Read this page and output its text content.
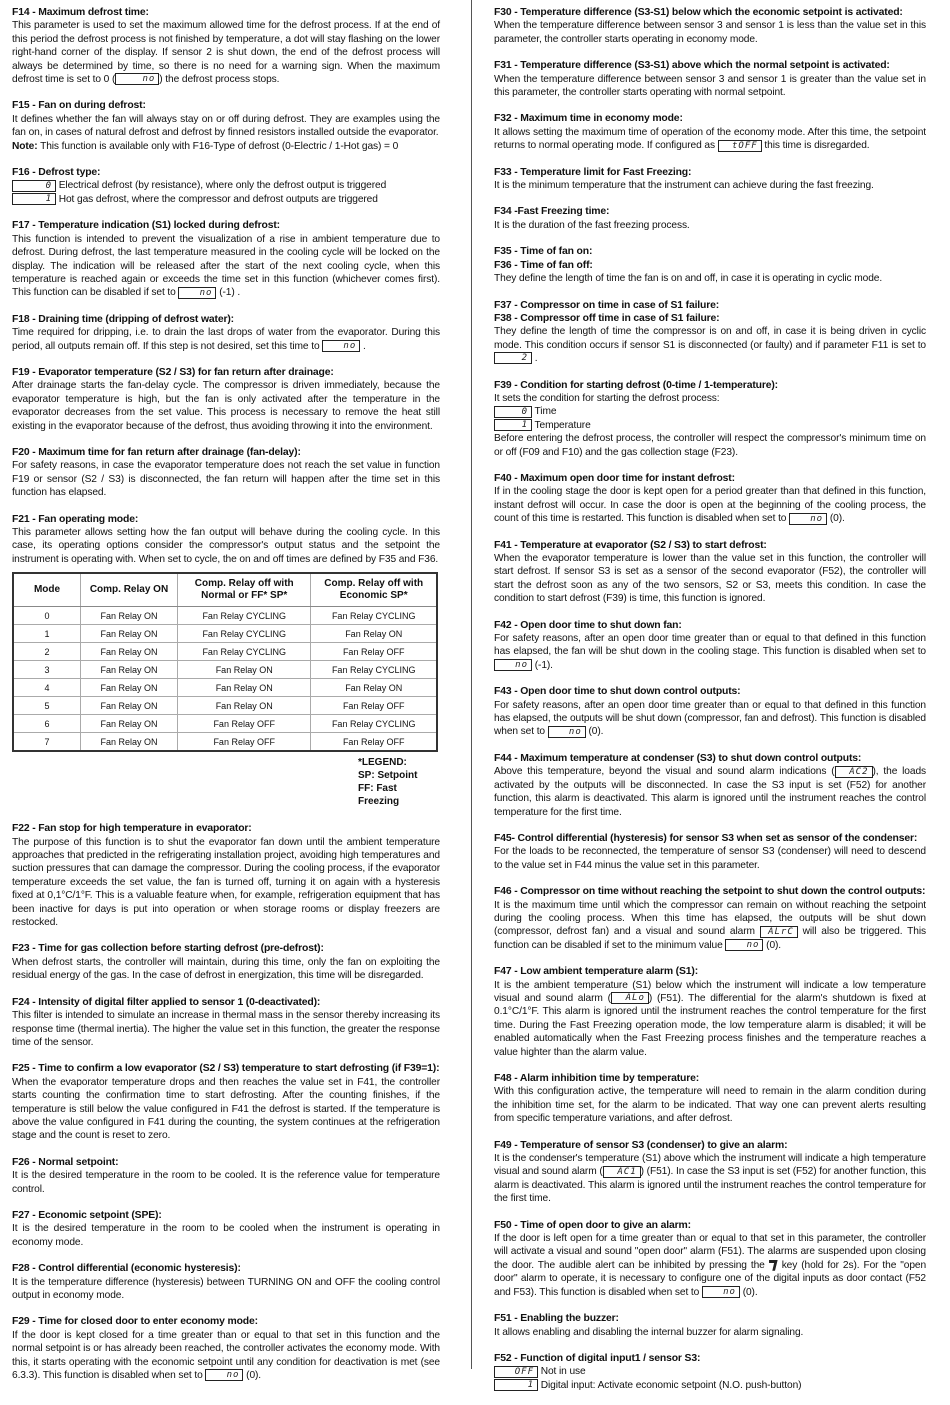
F14 - Maximum defrost time:

This parameter is used to set the maximum allowed time for the defrost process. If at the end of this period the defrost process is not finished by temperature, a dot will stay flashing on the lower right-hand corner of the display. If sensor 2 is shut down, the end of the defrost process will always be determined by time, so there is no need for a warning sign. When the maximum defrost time is set to 0 (	no ) the defrost process stops.

F15 - Fan on during defrost:

It defines whether the fan will always stay on or off during defrost. They are examples using the fan on, in cases of natural defrost and defrost by finned resistors installed outside the evaporator.

Note: This function is available only with F16-Type of defrost (0-Electric / 1-Hot gas) = 0

F16 - Defrost type:
0 Electrical defrost (by resistance), where only the defrost output is triggered
1 Hot gas defrost, where the compressor and defrost outputs are triggered
F17 - Temperature indication (S1) locked during defrost:

This function is intended to prevent the visualization of a rise in ambient temperature due to defrost. During defrost, the last temperature measured in the cooling cycle will be locked on the display. The indication will be released after the start of the next cooling cycle, when this temperature is reached again or exceeds the time set in this function (whichever comes first). This function can be disabled if set to	no (-1) .

F18 - Draining time (dripping of defrost water):

Time required for dripping, i.e. to drain the last drops of water from the evaporator. During this period, all outputs remain off. If this step is not desired, set this time to	no .

F19 - Evaporator temperature (S2 / S3) for fan return after drainage:

After drainage starts the fan-delay cycle. The compressor is driven immediately, because the evaporator temperature is high, but the fan is only activated after the temperature in the evaporator decreases from the set value. This process is necessary to remove the heat still existing in the evaporator because of the defrost, thus avoiding throwing it into the environment.

F20 - Maximum time for fan return after drainage (fan-delay):

For safety reasons, in case the evaporator temperature does not reach the set value in function F19 or sensor (S2 / S3) is disconnected, the fan return will happen after the time set in this function has elapsed.

F21 - Fan operating mode:

This parameter allows setting how the fan output will behave during the cooling cycle. In this case, its operating options consider the compressor's output status and the setpoint the instrument is operating with. When set to cycle, the on and off times are defined by F35 and F36.

Mode	Comp. Relay ON	Comp. Relay off with Normal or FF* SP*	Comp. Relay off with Economic SP*
0	Fan Relay ON	Fan Relay CYCLING	Fan Relay CYCLING
1	Fan Relay ON	Fan Relay CYCLING	Fan Relay ON
2	Fan Relay ON	Fan Relay CYCLING	Fan Relay OFF
3	Fan Relay ON	Fan Relay ON	Fan Relay CYCLING
4	Fan Relay ON	Fan Relay ON	Fan Relay ON
5	Fan Relay ON	Fan Relay ON	Fan Relay OFF
6	Fan Relay ON	Fan Relay OFF	Fan Relay CYCLING
7	Fan Relay ON	Fan Relay OFF	Fan Relay OFF
*LEGEND:
SP: Setpoint
FF: Fast Freezing
F22 - Fan stop for high temperature in evaporator:

The purpose of this function is to shut the evaporator fan down until the ambient temperature approaches that predicted in the refrigerating installation project, avoiding high temperatures and suction pressures that can damage the compressor. During the cooling process, if the evaporator temperature exceeds the set value, the fan is turned off, turning it on again with a hysteresis fixed at 0,1°C/1°F. This is a valuable feature when, for example, refrigeration equipment that has been inactive for days is put into operation or when storage rooms or display freezers are restocked.

F23 - Time for gas collection before starting defrost (pre-defrost):

When defrost starts, the controller will maintain, during this time, only the fan on exploiting the residual energy of the gas. In the case of defrost in energization, this time will be disregarded.

F24 - Intensity of digital filter applied to sensor 1 (0-deactivated):

This filter is intended to simulate an increase in thermal mass in the sensor thereby increasing its response time (thermal inertia). The higher the value set in this function, the greater the response time of the sensor.

F25 - Time to confirm a low evaporator (S2 / S3) temperature to start defrosting (if F39=1):

When the evaporator temperature drops and then reaches the value set in F41, the controller starts counting the confirmation time to start defrosting. After the counting finishes, if the temperature is still below the value configured in F41 the defrost is started. If the temperature is above the value configured in F41 during the counting, the system continues at the refrigeration stage and the count is reset to zero.

F26 - Normal setpoint:

It is the desired temperature in the room to be cooled. It is the reference value for temperature control.

F27 - Economic setpoint (SPE):

It is the desired temperature in the room to be cooled when the instrument is operating in economy mode.

F28 - Control differential (economic hysteresis):

It is the temperature difference (hysteresis) between TURNING ON and OFF the cooling control output in economy mode.

F29 - Time for closed door to enter economy mode:

If the door is kept closed for a time greater than or equal to that set in this function and the normal setpoint is or has already been reached, the controller activates the economy mode. With this, it starts operating with the economic setpoint until any condition for deactivation is met (see 6.3.3). This function is disabled when set to	no (0).

F30 - Temperature difference (S3-S1) below which the economic setpoint is activated:

When the temperature difference between sensor 3 and sensor 1 is less than the value set in this parameter, the controller starts operating in economy mode.

F31 - Temperature difference (S3-S1) above which the normal setpoint is activated:

When the temperature difference between sensor 3 and sensor 1 is greater than the value set in this parameter, the controller starts operating with normal setpoint.

F32 - Maximum time in economy mode:

It allows setting the maximum time of operation of the economy mode. After this time, the setpoint returns to normal operating mode. If configured as tOFF this time is disregarded.

F33 - Temperature limit for Fast Freezing:

It is the minimum temperature that the instrument can achieve during the fast freezing.

F34 -Fast Freezing time:

It is the duration of the fast freezing process.

F35 - Time of fan on:
F36 - Time of fan off:

They define the length of time the fan is on and off, in case it is operating in cyclic mode.

F37 - Compressor on time in case of S1 failure:
F38 - Compressor off time in case of S1 failure:

They define the length of time the compressor is on and off, in case it is being driven in cyclic mode. This condition occurs if sensor S1 is disconnected (or faulty) and if parameter F11 is set to 2 .

F39 - Condition for starting defrost (0-time / 1-temperature):

It sets the condition for starting the defrost process:

0 Time
1 Temperature

Before entering the defrost process, the controller will respect the compressor's minimum time on or off (F09 and F10) and the gas collection stage (F23).

F40 - Maximum open door time for instant defrost:

If in the cooling stage the door is kept open for a period greater than that defined in this function, instant defrost will occur. In case the door is open at the beginning of the cooling process, the count of this time is restarted. This function is disabled when set to	no (0).

F41 - Temperature at evaporator (S2 / S3) to start defrost:

When the evaporator temperature is lower than the value set in this function, the controller will start defrost. If sensor S3 is set as a sensor of the second evaporator (F52), the controller will start the defrost soon as any of the two sensors, S2 or S3, meets this condition. In case the condition to start defrost (F39) is time, this function is ignored.

F42 - Open door time to shut down fan:

For safety reasons, after an open door time greater than or equal to that defined in this function has elapsed, the fan will be shut down in the cooling stage. This function is disabled when set to no (-1).

F43 - Open door time to shut down control outputs:

For safety reasons, after an open door time greater than or equal to that defined in this function has elapsed, the outputs will be shut down (compressor, fan and defrost). This function is disabled when set to	no (0).

F44 - Maximum temperature at condenser (S3) to shut down control outputs:

Above this temperature, beyond the visual and sound alarm indications ( AC2 ), the loads activated by the outputs will be disconnected. In case the S3 input is set (F52) for another function, this alarm is deactivated. This alarm is ignored until the instrument reaches the control temperature for the first time.

F45- Control differential (hysteresis) for sensor S3 when set as sensor of the condenser:

For the loads to be reconnected, the temperature of sensor S3 (condenser) will need to descend to the value set in F44 minus the value set in this parameter.

F46 - Compressor on time without reaching the setpoint to shut down the control outputs:

It is the maximum time until which the compressor can remain on without reaching the setpoint during the cooling process. When this time has elapsed, the outputs will be shut down (compressor, defrost fan) and a visual and sound alarm ALrC will also be triggered. This function can be disabled if set to the minimum value	no (0).

F47 - Low ambient temperature alarm (S1):

It is the ambient temperature (S1) below which the instrument will indicate a low temperature visual and sound alarm ( ALo ) (F51). The differential for the alarm's shutdown is fixed at 0.1°C/1°F. This alarm is ignored until the instrument reaches the control temperature for the first time. During the Fast Freezing operation mode, the low temperature alarm is disabled; it will be enabled automatically when the Fast Freezing process finishes and the temperature reaches a value highter than the alarm value.

F48 - Alarm inhibition time by temperature:

With this configuration active, the temperature will need to remain in the alarm condition during the inhibition time set, for the alarm to be indicated. That way one can prevent alerts resulting from specific temperature variations, and after defrost.

F49 - Temperature of sensor S3 (condenser) to give an alarm:

It is the condenser's temperature (S1) above which the instrument will indicate a high temperature visual and sound alarm ( AC1 ) (F51). In case the S3 input is set (F52) for another function, this alarm is deactivated. This alarm is ignored until the instrument reaches the control temperature for the first time.

F50 - Time of open door to give an alarm:

If the door is left open for a time greater than or equal to that set in this parameter, the controller will activate a visual and sound "open door" alarm (F51). The alarms are suspended upon closing the door. The audible alert can be inhibited by pressing the key (hold for 2s). For the "open door" alarm to operate, it is necessary to configure one of the digital inputs as door contact (F52 and F53). This function is disabled when set to	no (0).

F51 - Enabling the buzzer:

It allows enabling and disabling the internal buzzer for alarm signaling.

F52 - Function of digital input1 / sensor S3:
OFF Not in use
1 Digital input: Activate economic setpoint (N.O. push-button)
